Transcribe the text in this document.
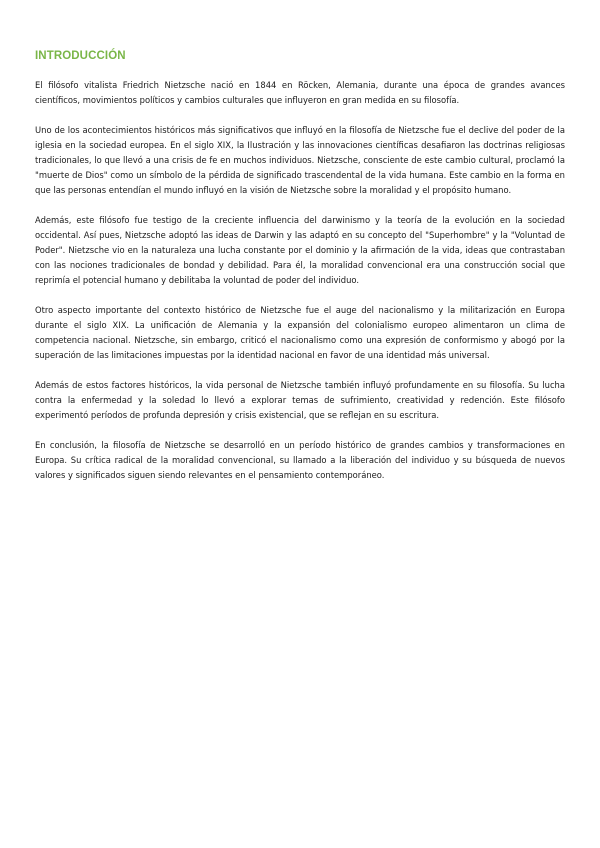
INTRODUCCIÓN

El filósofo vitalista Friedrich Nietzsche nació en 1844 en Röcken, Alemania, durante una época de grandes avances científicos, movimientos políticos y cambios culturales que influyeron en gran medida en su filosofía.

Uno de los acontecimientos históricos más significativos que influyó en la filosofía de Nietzsche fue el declive del poder de la iglesia en la sociedad europea. En el siglo XIX, la Ilustración y las innovaciones científicas desafiaron las doctrinas religiosas tradicionales, lo que llevó a una crisis de fe en muchos individuos. Nietzsche, consciente de este cambio cultural, proclamó la "muerte de Dios" como un símbolo de la pérdida de significado trascendental de la vida humana. Este cambio en la forma en que las personas entendían el mundo influyó en la visión de Nietzsche sobre la moralidad y el propósito humano.

Además, este filósofo fue testigo de la creciente influencia del darwinismo y la teoría de la evolución en la sociedad occidental. Así pues, Nietzsche adoptó las ideas de Darwin y las adaptó en su concepto del "Superhombre" y la "Voluntad de Poder". Nietzsche vio en la naturaleza una lucha constante por el dominio y la afirmación de la vida, ideas que contrastaban con las nociones tradicionales de bondad y debilidad. Para él, la moralidad convencional era una construcción social que reprimía el potencial humano y debilitaba la voluntad de poder del individuo.

Otro aspecto importante del contexto histórico de Nietzsche fue el auge del nacionalismo y la militarización en Europa durante el siglo XIX. La unificación de Alemania y la expansión del colonialismo europeo alimentaron un clima de competencia nacional. Nietzsche, sin embargo, criticó el nacionalismo como una expresión de conformismo y abogó por la superación de las limitaciones impuestas por la identidad nacional en favor de una identidad más universal.

Además de estos factores históricos, la vida personal de Nietzsche también influyó profundamente en su filosofía. Su lucha contra la enfermedad y la soledad lo llevó a explorar temas de sufrimiento, creatividad y redención. Este filósofo experimentó períodos de profunda depresión y crisis existencial, que se reflejan en su escritura.

En conclusión, la filosofía de Nietzsche se desarrolló en un período histórico de grandes cambios y transformaciones en Europa. Su crítica radical de la moralidad convencional, su llamado a la liberación del individuo y su búsqueda de nuevos valores y significados siguen siendo relevantes en el pensamiento contemporáneo.
